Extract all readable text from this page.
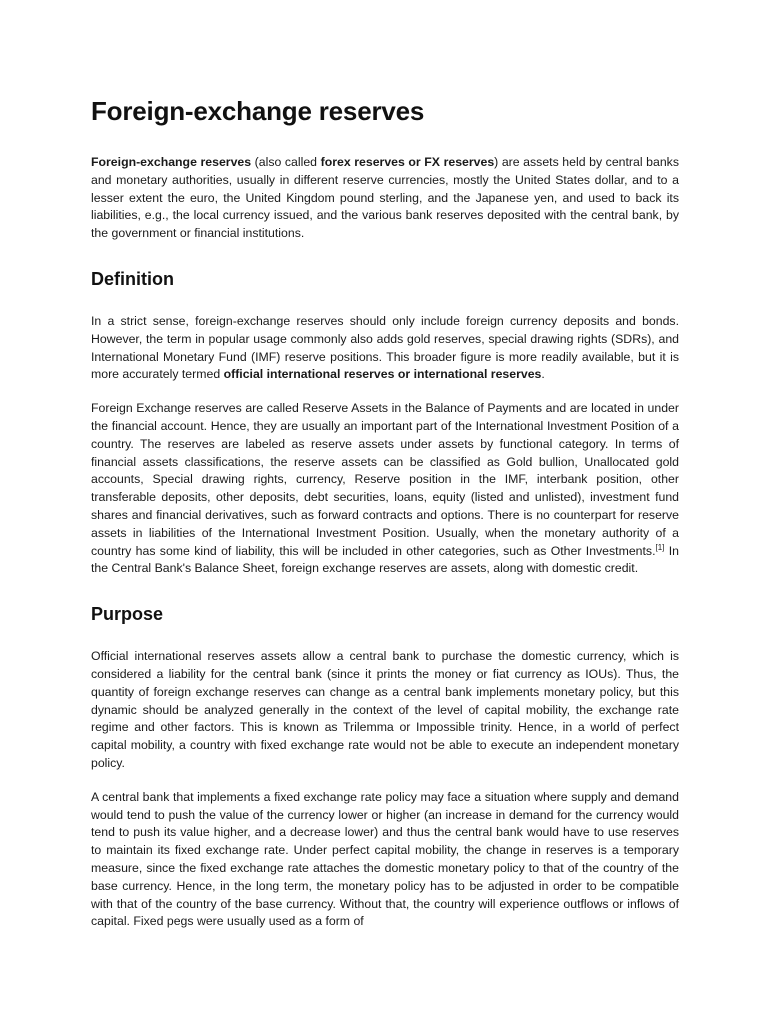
Foreign-exchange reserves

Foreign-exchange reserves (also called forex reserves or FX reserves) are assets held by central banks and monetary authorities, usually in different reserve currencies, mostly the United States dollar, and to a lesser extent the euro, the United Kingdom pound sterling, and the Japanese yen, and used to back its liabilities, e.g., the local currency issued, and the various bank reserves deposited with the central bank, by the government or financial institutions.

Definition

In a strict sense, foreign-exchange reserves should only include foreign currency deposits and bonds. However, the term in popular usage commonly also adds gold reserves, special drawing rights (SDRs), and International Monetary Fund (IMF) reserve positions. This broader figure is more readily available, but it is more accurately termed official international reserves or international reserves.

Foreign Exchange reserves are called Reserve Assets in the Balance of Payments and are located in under the financial account. Hence, they are usually an important part of the International Investment Position of a country. The reserves are labeled as reserve assets under assets by functional category. In terms of financial assets classifications, the reserve assets can be classified as Gold bullion, Unallocated gold accounts, Special drawing rights, currency, Reserve position in the IMF, interbank position, other transferable deposits, other deposits, debt securities, loans, equity (listed and unlisted), investment fund shares and financial derivatives, such as forward contracts and options. There is no counterpart for reserve assets in liabilities of the International Investment Position. Usually, when the monetary authority of a country has some kind of liability, this will be included in other categories, such as Other Investments.[1] In the Central Bank's Balance Sheet, foreign exchange reserves are assets, along with domestic credit.

Purpose

Official international reserves assets allow a central bank to purchase the domestic currency, which is considered a liability for the central bank (since it prints the money or fiat currency as IOUs). Thus, the quantity of foreign exchange reserves can change as a central bank implements monetary policy, but this dynamic should be analyzed generally in the context of the level of capital mobility, the exchange rate regime and other factors. This is known as Trilemma or Impossible trinity. Hence, in a world of perfect capital mobility, a country with fixed exchange rate would not be able to execute an independent monetary policy.

A central bank that implements a fixed exchange rate policy may face a situation where supply and demand would tend to push the value of the currency lower or higher (an increase in demand for the currency would tend to push its value higher, and a decrease lower) and thus the central bank would have to use reserves to maintain its fixed exchange rate. Under perfect capital mobility, the change in reserves is a temporary measure, since the fixed exchange rate attaches the domestic monetary policy to that of the country of the base currency. Hence, in the long term, the monetary policy has to be adjusted in order to be compatible with that of the country of the base currency. Without that, the country will experience outflows or inflows of capital. Fixed pegs were usually used as a form of
